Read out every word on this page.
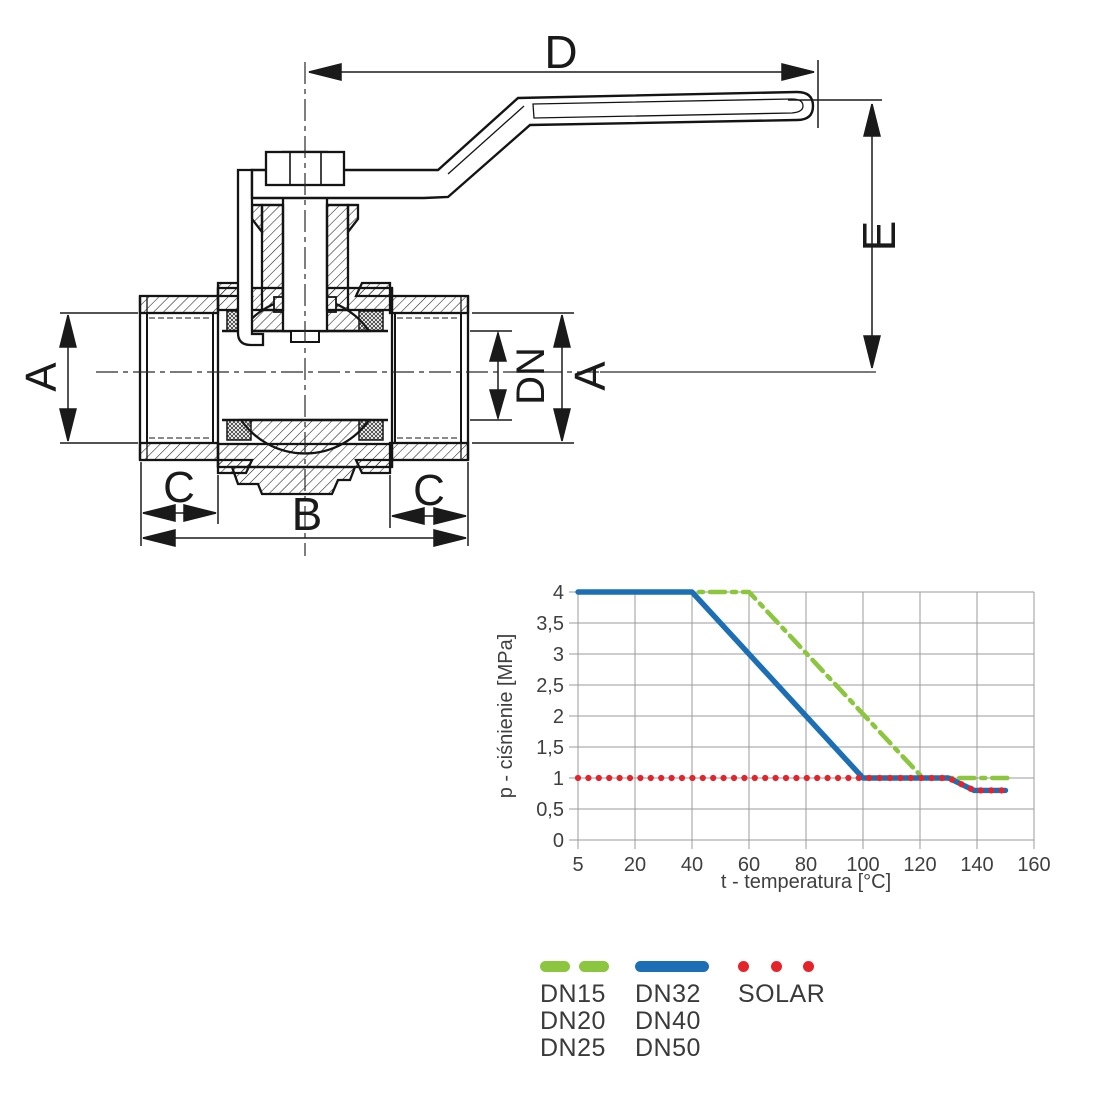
D
E
A	DN A
C	C
B
5 20 40 60 80 100 120 140 160
0
0,5
1
1,5
2
2,5
3
3,5
4
t - temperatura [°C]
p - ciśnienie [MPa]
DN15
DN20
DN25
DN32
DN40
DN50
SOLAR
